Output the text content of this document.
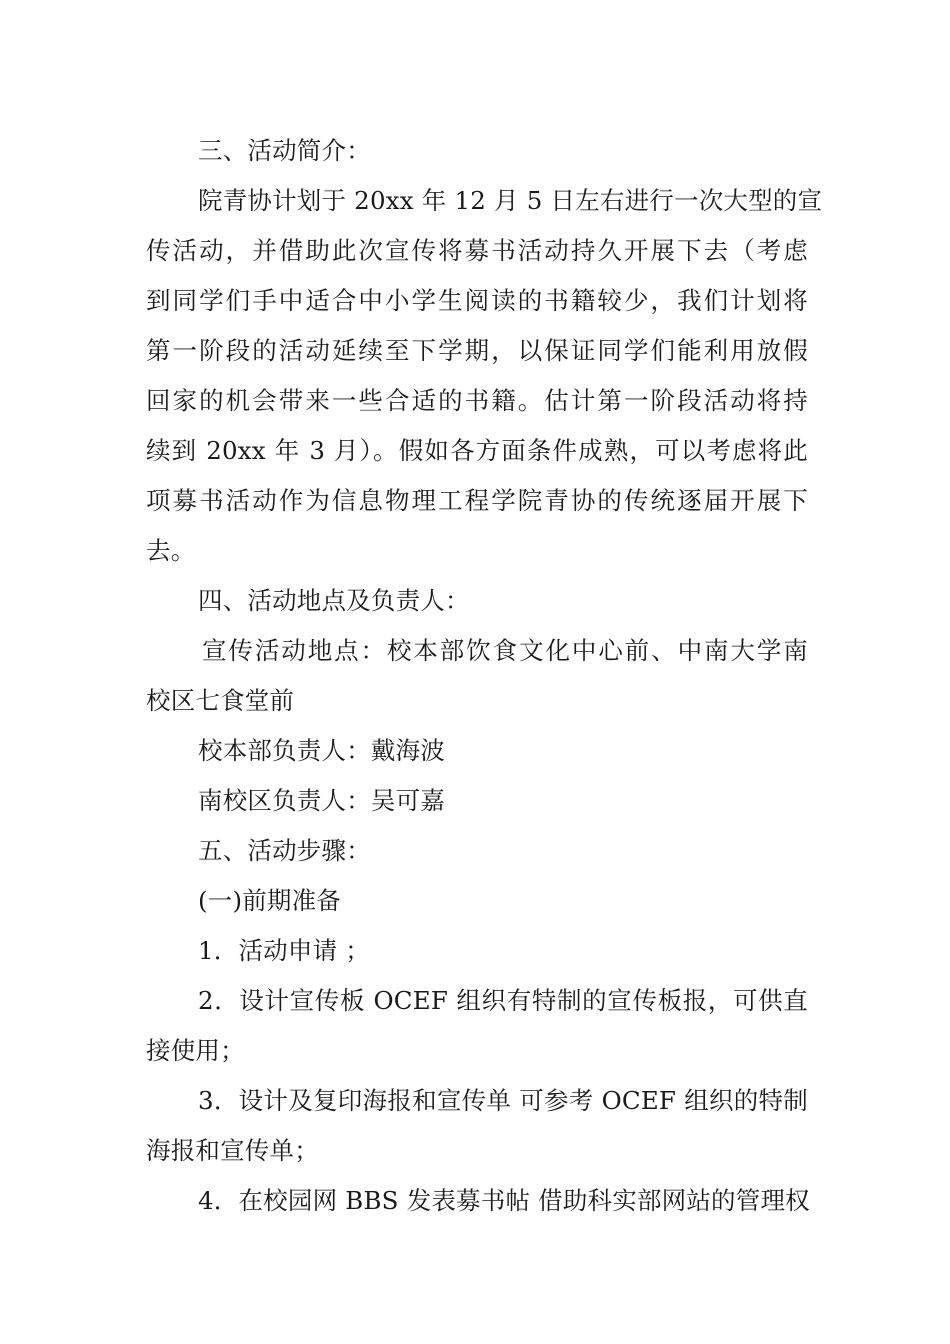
三、活动简介：
院青协计划于 20xx 年 12 月 5 日左右进行一次大型的宣
传活动，并借助此次宣传将募书活动持久开展下去（考虑
到同学们手中适合中小学生阅读的书籍较少，我们计划将
第一阶段的活动延续至下学期，以保证同学们能利用放假
回家的机会带来一些合适的书籍。估计第一阶段活动将持
续到 20xx 年 3 月）。假如各方面条件成熟，可以考虑将此
项募书活动作为信息物理工程学院青协的传统逐届开展下
去。
四、活动地点及负责人：
宣传活动地点：校本部饮食文化中心前、中南大学南
校区七食堂前
校本部负责人：戴海波
南校区负责人：吴可嘉
五、活动步骤：
(一)前期准备
1．活动申请 ；
2．设计宣传板 OCEF 组织有特制的宣传板报，可供直
接使用；
3．设计及复印海报和宣传单 可参考 OCEF 组织的特制
海报和宣传单；
4．在校园网 BBS 发表募书帖 借助科实部网站的管理权
